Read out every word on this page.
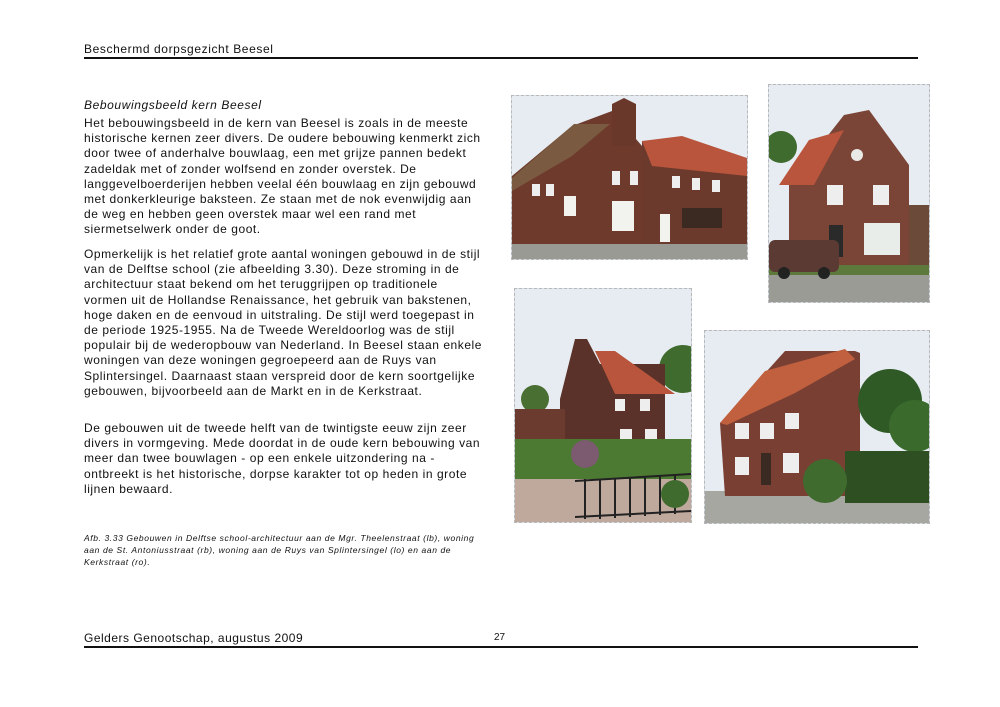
Beschermd dorpsgezicht Beesel
Bebouwingsbeeld kern Beesel

Het bebouwingsbeeld in de kern van Beesel is zoals in de meeste historische kernen zeer divers. De oudere bebouwing kenmerkt zich door twee of anderhalve bouwlaag, een met grijze pannen bedekt zadeldak met of zonder wolfsend en zonder overstek. De langgevelboerderijen hebben veelal één bouwlaag en zijn gebouwd met donkerkleurige baksteen. Ze staan met de nok evenwijdig aan de weg en hebben geen overstek maar wel een rand met siermetselwerk onder de goot.

Opmerkelijk is het relatief grote aantal woningen gebouwd in de stijl van de Delftse school (zie afbeelding 3.30). Deze stroming in de architectuur staat bekend om het teruggrijpen op traditionele vormen uit de Hollandse Renaissance, het gebruik van bakstenen, hoge daken en de eenvoud in uitstraling. De stijl werd toegepast in de periode 1925-1955. Na de Tweede Wereldoorlog was de stijl populair bij de wederopbouw van Nederland. In Beesel staan enkele woningen van deze woningen gegroepeerd aan de Ruys van Splintersingel. Daarnaast staan verspreid door de kern soortgelijke gebouwen, bijvoorbeeld aan de Markt en in de Kerkstraat.

De gebouwen uit de tweede helft van de twintigste eeuw zijn zeer divers in vormgeving. Mede doordat in de oude kern bebouwing van meer dan twee bouwlagen - op een enkele uitzondering na - ontbreekt is het historische, dorpse karakter tot op heden in grote lijnen bewaard.

Afb. 3.33 Gebouwen in Delftse school-architectuur aan de Mgr. Theelenstraat (lb), woning aan de St. Antoniusstraat (rb), woning aan de Ruys van Splintersingel (lo) en aan de Kerkstraat (ro).
Gelders Genootschap, augustus 2009	27
